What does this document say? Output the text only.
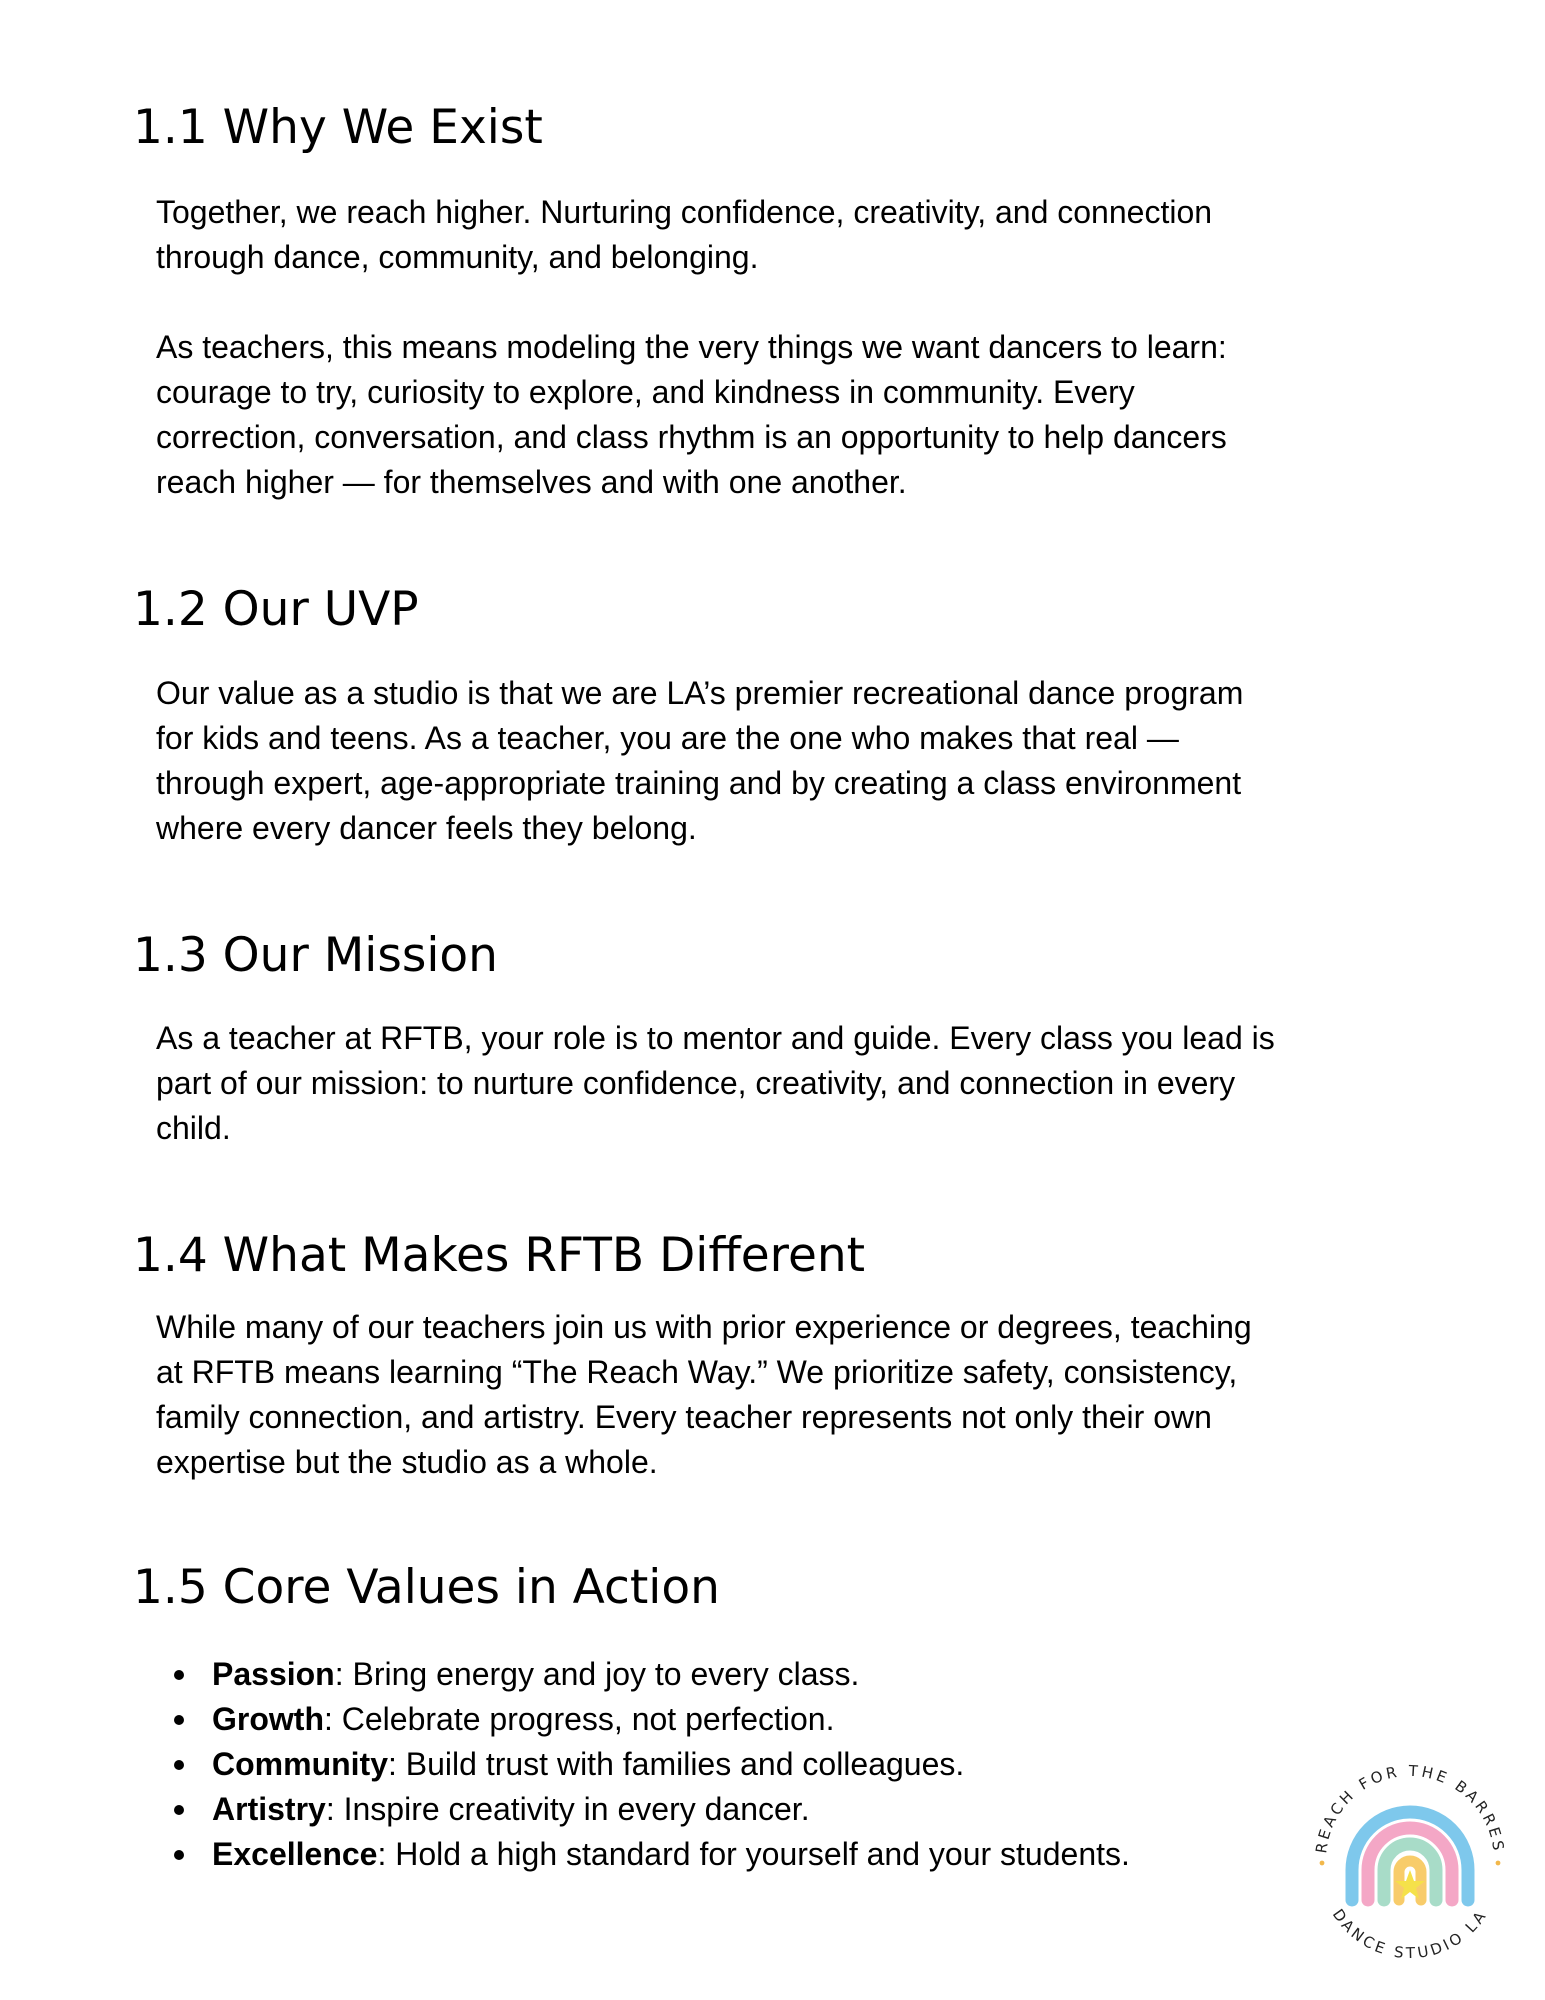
1.1 Why We Exist

Together, we reach higher. Nurturing confidence, creativity, and connection
through dance, community, and belonging.

As teachers, this means modeling the very things we want dancers to learn:
courage to try, curiosity to explore, and kindness in community. Every
correction, conversation, and class rhythm is an opportunity to help dancers
reach higher — for themselves and with one another.

1.2 Our UVP

Our value as a studio is that we are LA’s premier recreational dance program
for kids and teens. As a teacher, you are the one who makes that real —
through expert, age-appropriate training and by creating a class environment
where every dancer feels they belong.

1.3 Our Mission

As a teacher at RFTB, your role is to mentor and guide. Every class you lead is
part of our mission: to nurture confidence, creativity, and connection in every
child.

1.4 What Makes RFTB Different

While many of our teachers join us with prior experience or degrees, teaching
at RFTB means learning “The Reach Way.” We prioritize safety, consistency,
family connection, and artistry. Every teacher represents not only their own
expertise but the studio as a whole.

1.5 Core Values in Action
Passion: Bring energy and joy to every class.
Growth: Celebrate progress, not perfection.
Community: Build trust with families and colleagues.
Artistry: Inspire creativity in every dancer.
Excellence: Hold a high standard for yourself and your students.	REACH FOR THE BARRES
DANCE STUDIO LA
